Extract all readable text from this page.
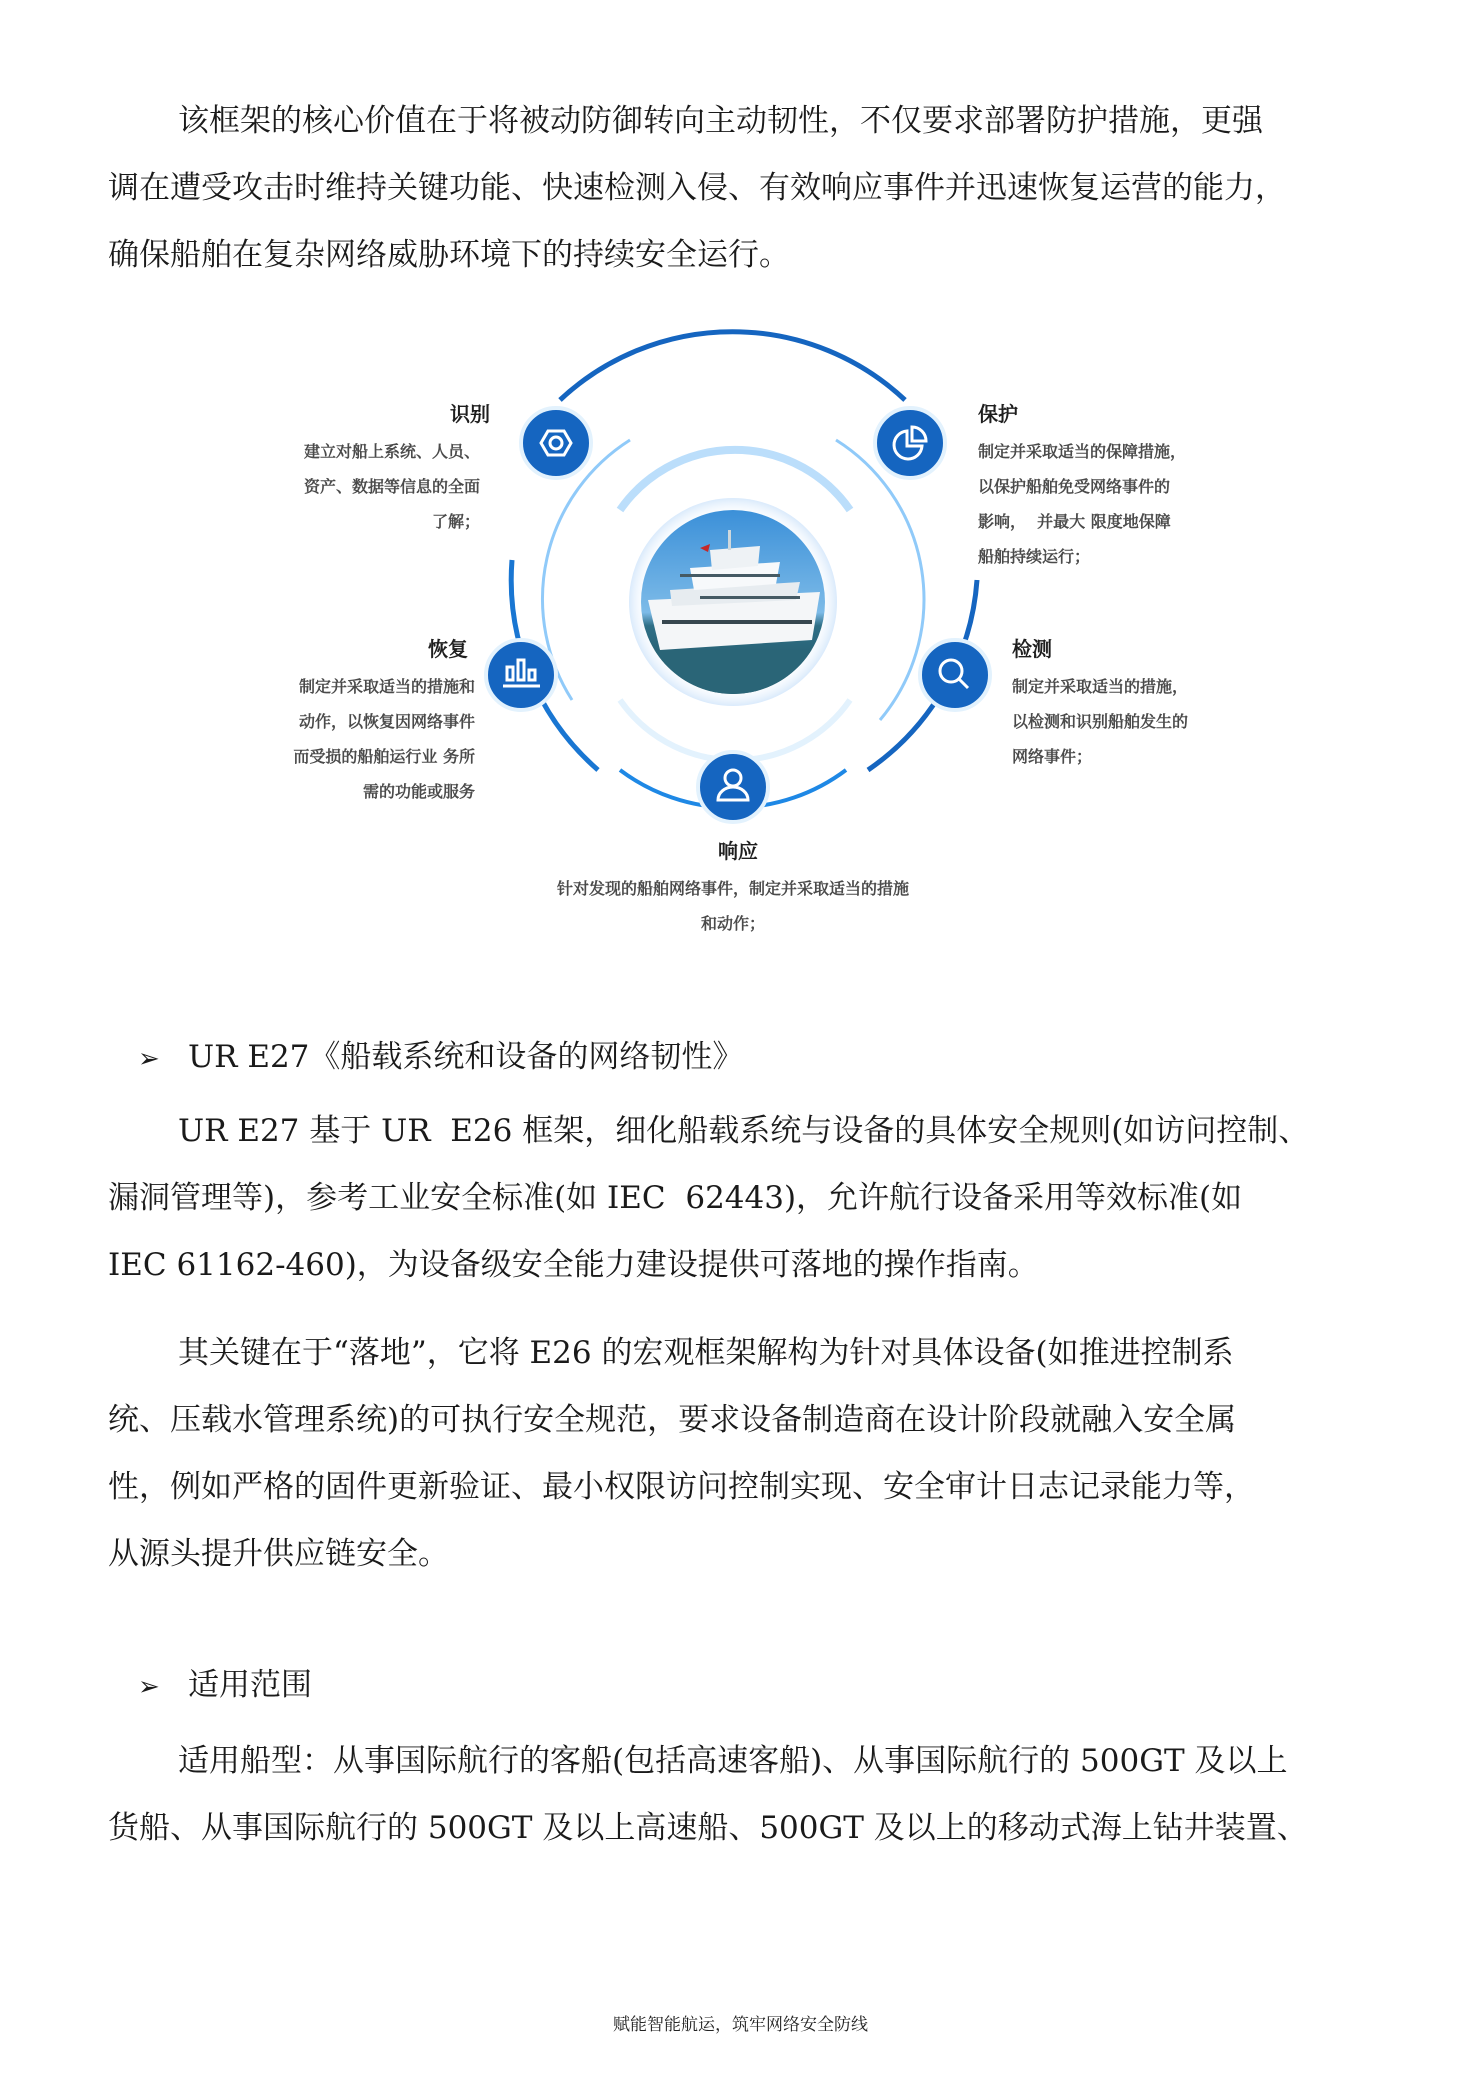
该框架的核心价值在于将被动防御转向主动韧性，不仅要求部署防护措施，更强
调在遭受攻击时维持关键功能、快速检测入侵、有效响应事件并迅速恢复运营的能力，
确保船舶在复杂网络威胁环境下的持续安全运行。
识别
建立对船上系统、人员、
资产、数据等信息的全面
了解；
保护
制定并采取适当的保障措施，
以保护船舶免受网络事件的
影响，  并最大 限度地保障
船舶持续运行；
恢复
制定并采取适当的措施和
动作，以恢复因网络事件
而受损的船舶运行业 务所
需的功能或服务
检测
制定并采取适当的措施，
以检测和识别船舶发生的
网络事件；
响应
针对发现的船舶网络事件，制定并采取适当的措施
和动作；
➢ UR E27《船载系统和设备的网络韧性》
UR E27 基于 UR  E26 框架，细化船载系统与设备的具体安全规则(如访问控制、
漏洞管理等)，参考工业安全标准(如 IEC  62443)，允许航行设备采用等效标准(如
IEC 61162-460)，为设备级安全能力建设提供可落地的操作指南。
其关键在于“落地”，它将 E26 的宏观框架解构为针对具体设备(如推进控制系
统、压载水管理系统)的可执行安全规范，要求设备制造商在设计阶段就融入安全属
性，例如严格的固件更新验证、最小权限访问控制实现、安全审计日志记录能力等，
从源头提升供应链安全。
➢ 适用范围
适用船型：从事国际航行的客船(包括高速客船)、从事国际航行的 500GT 及以上
货船、从事国际航行的 500GT 及以上高速船、500GT 及以上的移动式海上钻井装置、
赋能智能航运，筑牢网络安全防线
